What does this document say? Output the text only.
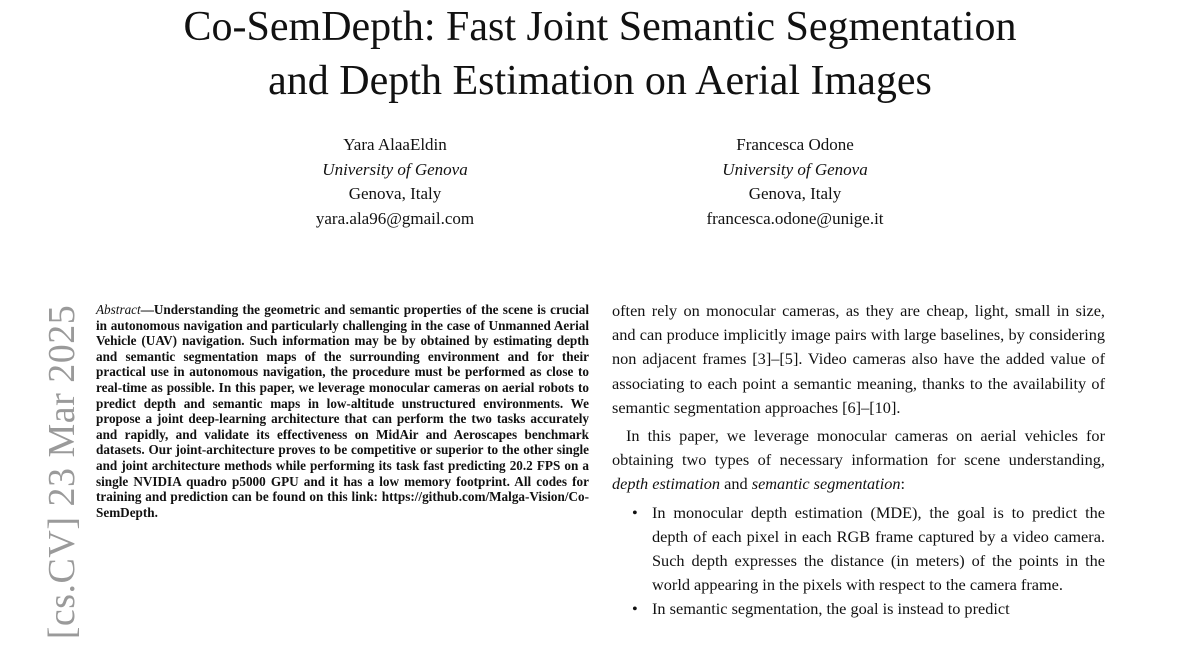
Co-SemDepth: Fast Joint Semantic Segmentation
and Depth Estimation on Aerial Images
Yara AlaaEldin
University of Genova
Genova, Italy
yara.ala96@gmail.com
Francesca Odone
University of Genova
Genova, Italy
francesca.odone@unige.it
[cs.CV] 23 Mar 2025 Abstract—Understanding the geometric and semantic properties of the scene is crucial in autonomous navigation and particularly challenging in the case of Unmanned Aerial Vehicle (UAV) navigation. Such information may be by obtained by estimating depth and semantic segmentation maps of the surrounding environment and for their practical use in autonomous navigation, the procedure must be performed as close to real-time as possible. In this paper, we leverage monocular cameras on aerial robots to predict depth and semantic maps in low-altitude unstructured environments. We propose a joint deep-learning architecture that can perform the two tasks accurately and rapidly, and validate its effectiveness on MidAir and Aeroscapes benchmark datasets. Our joint-architecture proves to be competitive or superior to the other single and joint architecture methods while performing its task fast predicting 20.2 FPS on a single NVIDIA quadro p5000 GPU and it has a low memory footprint. All codes for training and prediction can be found on this link: https://github.com/Malga-Vision/Co-SemDepth.

often rely on monocular cameras, as they are cheap, light, small in size, and can produce implicitly image pairs with large baselines, by considering non adjacent frames [3]–[5]. Video cameras also have the added value of associating to each point a semantic meaning, thanks to the availability of semantic segmentation approaches [6]–[10].

In this paper, we leverage monocular cameras on aerial vehicles for obtaining two types of necessary information for scene understanding, depth estimation and semantic segmentation:

• In monocular depth estimation (MDE), the goal is to predict the depth of each pixel in each RGB frame captured by a video camera. Such depth expresses the distance (in meters) of the points in the world appearing in the pixels with respect to the camera frame.
• In semantic segmentation, the goal is instead to predict
